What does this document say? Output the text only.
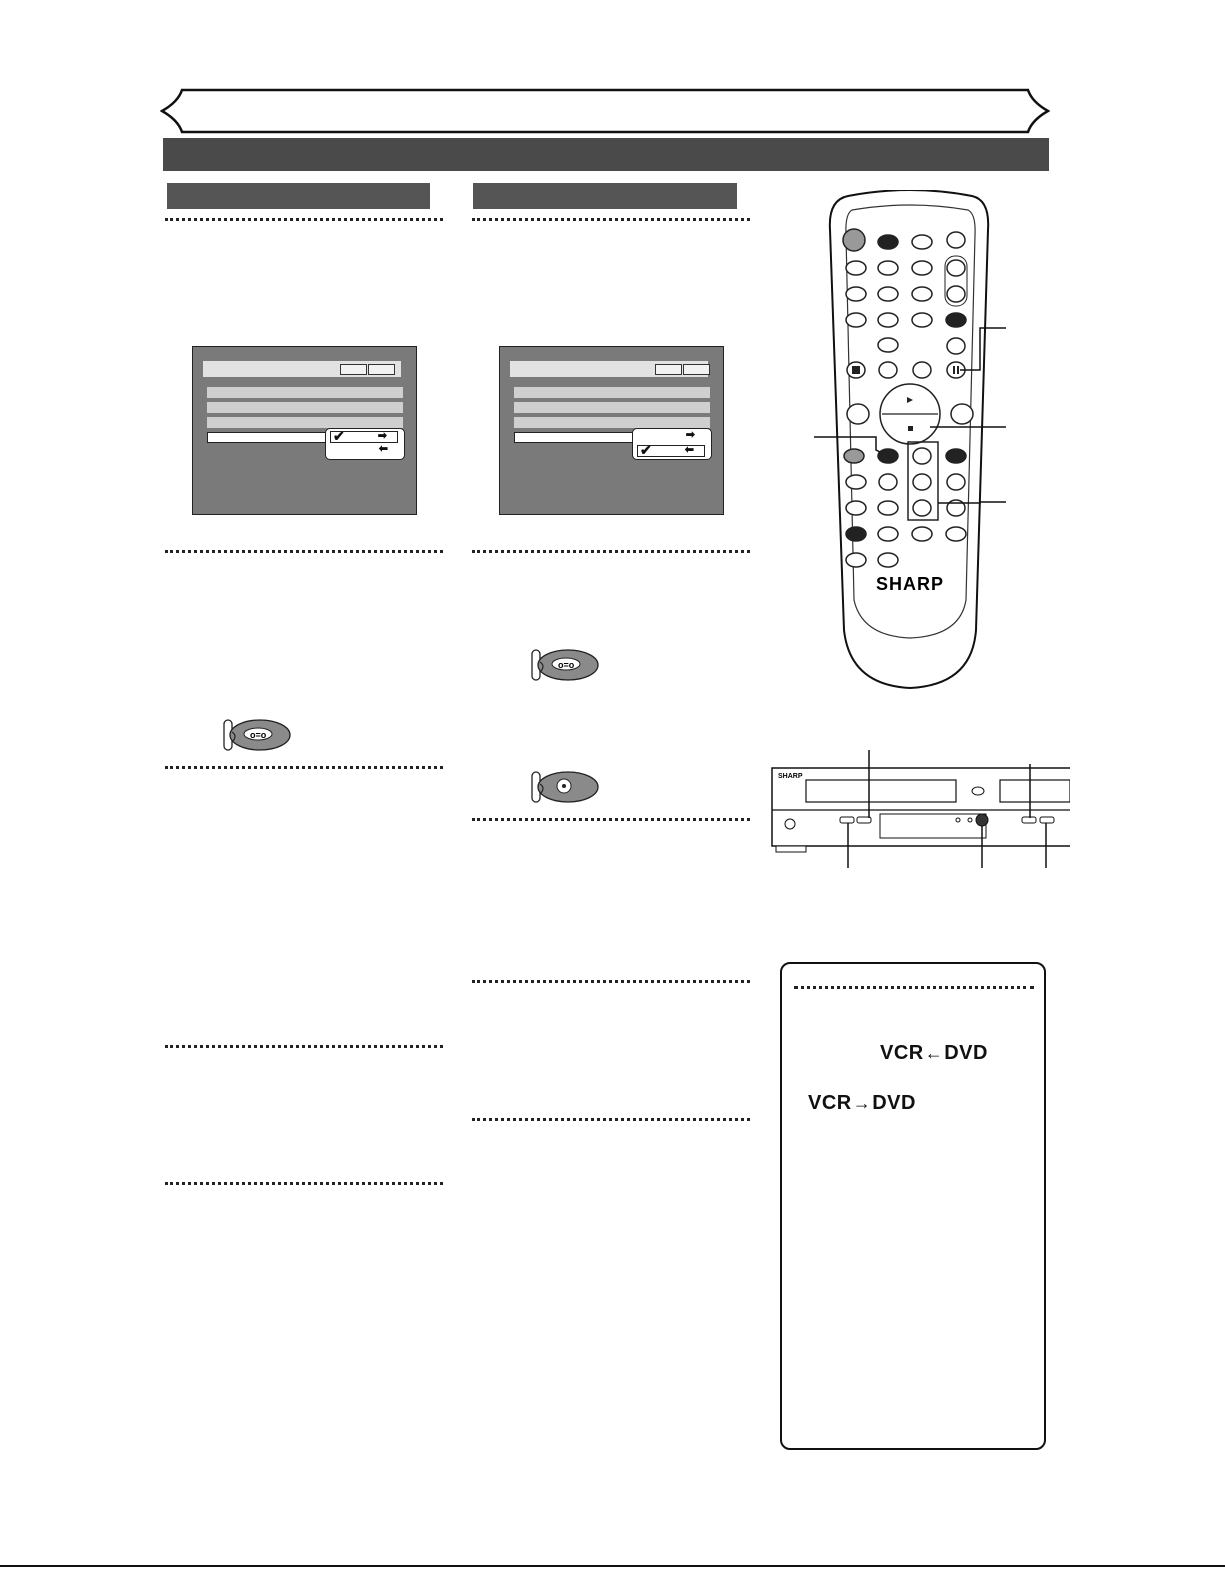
✔	➡
⬅
➡
✔	⬅
o=o
o=o
SHARP
SHARP
VCR←DVD
VCR→DVD
